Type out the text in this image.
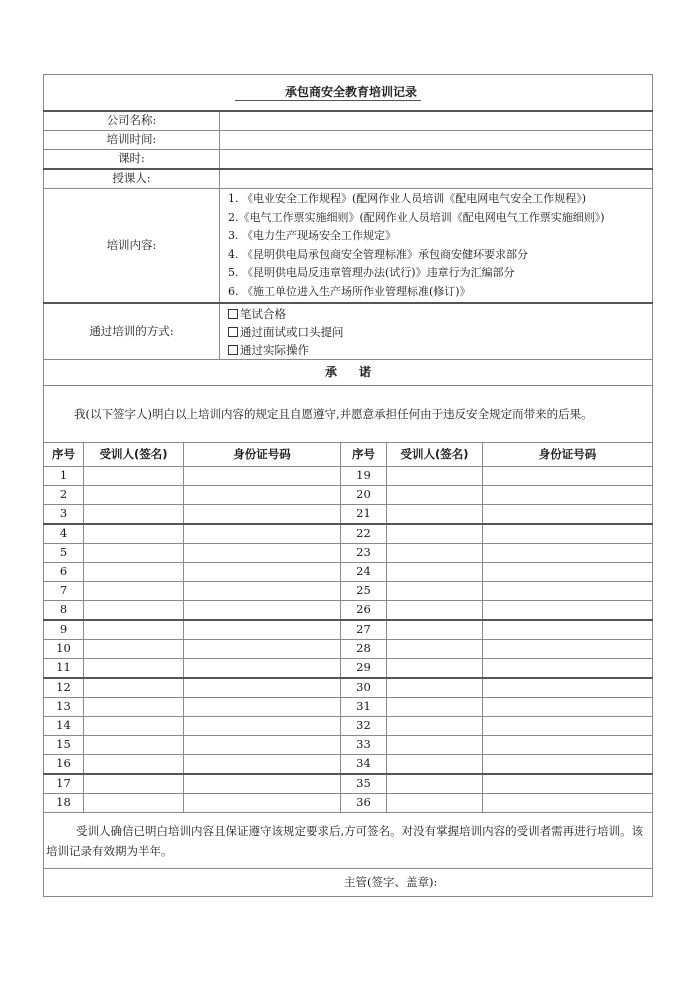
承包商安全教育培训记录						
公司名称:						
培训时间:						
课时:						
授课人:						
培训内容:	
1. 《电业安全工作规程》(配网作业人员培训《配电网电气安全工作规程》)
2.《电气工作票实施细则》(配网作业人员培训《配电网电气工作票实施细则》)
3. 《电力生产现场安全工作规定》
4. 《昆明供电局承包商安全管理标准》承包商安健环要求部分
5. 《昆明供电局反违章管理办法(试行)》违章行为汇编部分
6. 《施工单位进入生产场所作业管理标准(修订)》

通过培训的方式:			笔试合格
通过面试或口头提问
通过实际操作			

承诺						
我(以下签字人)明白以上培训内容的规定且自愿遵守,并愿意承担任何由于违反安全规定而带来的后果。						
序号	受训人(签名)	身份证号码		序号	受训人(签名)	身份证号码
1				19		
2				20		
3				21		
4				22		
5				23		
6				24		
7				25		
8				26		
9				27		
10				28		
11				29		
12				30		
13				31		
14				32		
15				33		
16				34		
17				35		
18				36		
受训人确信已明白培训内容且保证遵守该规定要求后,方可签名。对没有掌握培训内容的受训者需再进行培训。该培训记录有效期为半年。						
主管(签字、盖章):						
